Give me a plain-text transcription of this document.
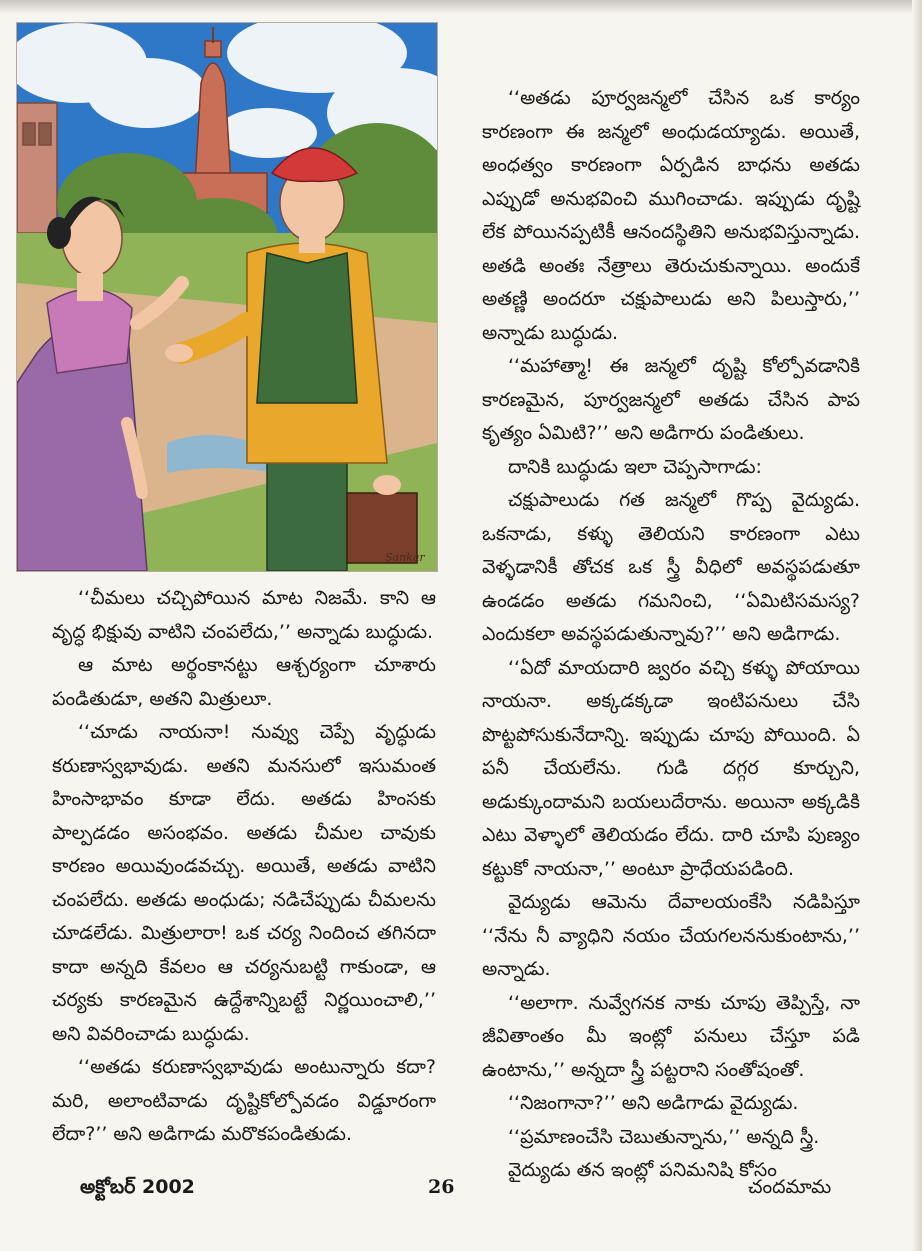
Sankar

‘‘చీమలు చచ్చిపోయిన మాట నిజమే. కాని ఆ వృద్ధ భిక్షువు వాటిని చంపలేదు,’’ అన్నాడు బుద్ధుడు.

ఆ మాట అర్థంకానట్టు ఆశ్చర్యంగా చూశారు పండితుడూ, అతని మిత్రులూ.

‘‘చూడు నాయనా! నువ్వు చెప్పే వృద్ధుడు కరుణాస్వభావుడు. అతని మనసులో ఇసుమంత హింసాభావం కూడా లేదు. అతడు హింసకు పాల్పడడం అసంభవం. అతడు చీమల చావుకు కారణం అయివుండవచ్చు. అయితే, అతడు వాటిని చంపలేదు. అతడు అంధుడు; నడిచేప్పుడు చీమలను చూడలేడు. మిత్రులారా! ఒక చర్య నిందించ తగినదా కాదా అన్నది కేవలం ఆ చర్యనుబట్టి గాకుండా, ఆ చర్యకు కారణమైన ఉద్దేశాన్నిబట్టే నిర్ణయించాలి,’’ అని వివరించాడు బుద్ధుడు.

‘‘అతడు కరుణాస్వభావుడు అంటున్నారు కదా? మరి, అలాంటివాడు దృష్టికోల్పోవడం విడ్డూరంగా లేదా?’’ అని అడిగాడు మరొకపండితుడు.

‘‘అతడు పూర్వజన్మలో చేసిన ఒక కార్యం కారణంగా ఈ జన్మలో అంధుడయ్యాడు. అయితే, అంధత్వం కారణంగా ఏర్పడిన బాధను అతడు ఎప్పుడో అనుభవించి ముగించాడు. ఇప్పుడు దృష్టి లేక పోయినప్పటికీ ఆనందస్థితిని అనుభవిస్తున్నాడు. అతడి అంతః నేత్రాలు తెరుచుకున్నాయి. అందుకే అతణ్ణి అందరూ చక్షుపాలుడు అని పిలుస్తారు,’’ అన్నాడు బుద్ధుడు.

‘‘మహాత్మా! ఈ జన్మలో దృష్టి కోల్పోవడానికి కారణమైన, పూర్వజన్మలో అతడు చేసిన పాప కృత్యం ఏమిటి?’’ అని అడిగారు పండితులు.

దానికి బుద్ధుడు ఇలా చెప్పసాగాడు:

చక్షుపాలుడు గత జన్మలో గొప్ప వైద్యుడు. ఒకనాడు, కళ్ళు తెలియని కారణంగా ఎటు వెళ్ళడానికీ తోచక ఒక స్త్రీ వీధిలో అవస్థపడుతూ ఉండడం అతడు గమనించి, ‘‘ఏమిటిసమస్య? ఎందుకలా అవస్థపడుతున్నావు?’’ అని అడిగాడు.

‘‘ఏదో మాయదారి జ్వరం వచ్చి కళ్ళు పోయాయి నాయనా. అక్కడక్కడా ఇంటిపనులు చేసి పొట్టపోసుకునేదాన్ని. ఇప్పుడు చూపు పోయింది. ఏ పనీ చేయలేను. గుడి దగ్గర కూర్చుని, అడుక్కుందామని బయలుదేరాను. అయినా అక్కడికి ఎటు వెళ్ళాలో తెలియడం లేదు. దారి చూపి పుణ్యం కట్టుకో నాయనా,’’ అంటూ ప్రాధేయపడింది.

వైద్యుడు ఆమెను దేవాలయంకేసి నడిపిస్తూ ‘‘నేను నీ వ్యాధిని నయం చేయగలననుకుంటాను,’’ అన్నాడు.

‘‘అలాగా. నువ్వేగనక నాకు చూపు తెప్పిస్తే, నా జీవితాంతం మీ ఇంట్లో పనులు చేస్తూ పడి ఉంటాను,’’ అన్నదా స్త్రీ పట్టరాని సంతోషంతో.

‘‘నిజంగానా?’’ అని అడిగాడు వైద్యుడు.

‘‘ప్రమాణంచేసి చెబుతున్నాను,’’ అన్నది స్త్రీ.

వైద్యుడు తన ఇంట్లో పనిమనిషి కోసం

అక్టోబర్ 2002	26	చందమామ
